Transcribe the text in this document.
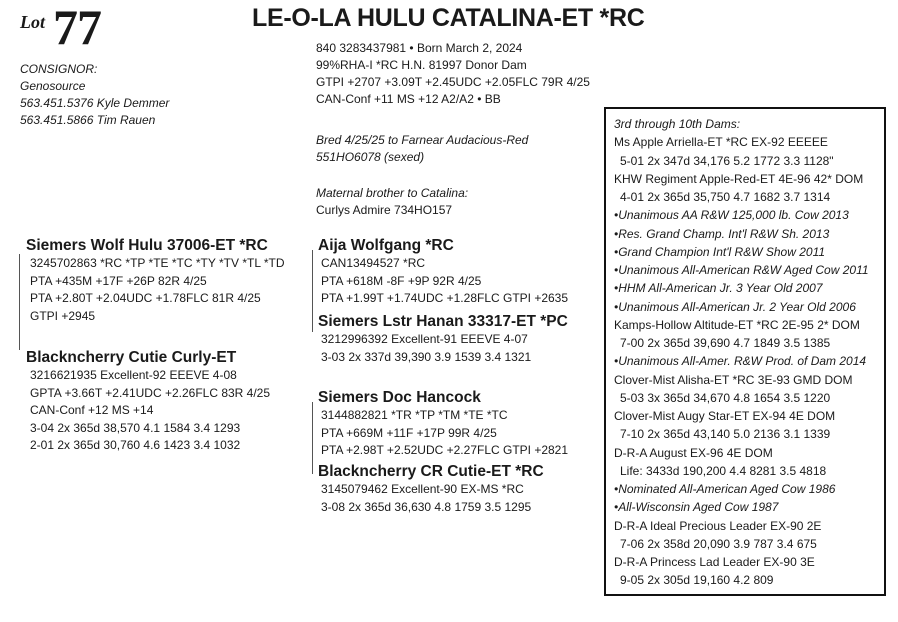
Lot 77	LE-O-LA HULU CATALINA-ET *RC
CONSIGNOR:
Genosource
563.451.5376 Kyle Demmer
563.451.5866 Tim Rauen
840 3283437981 • Born March 2, 2024
99%RHA-I *RC H.N. 81997 Donor Dam
GTPI +2707 +3.09T +2.45UDC +2.05FLC 79R 4/25
CAN-Conf +11 MS +12 A2/A2 • BB
Bred 4/25/25 to Farnear Audacious-Red
551HO6078 (sexed)
Maternal brother to Catalina:
Curlys Admire 734HO157
Siemers Wolf Hulu 37006-ET *RC
3245702863 *RC *TP *TE *TC *TY *TV *TL *TD
PTA +435M +17F +26P 82R 4/25
PTA +2.80T +2.04UDC +1.78FLC 81R 4/25
GTPI +2945
Blackncherry Cutie Curly-ET
3216621935 Excellent-92 EEEVE 4-08
GPTA +3.66T +2.41UDC +2.26FLC 83R 4/25
CAN-Conf +12 MS +14
3-04 2x 365d 38,570 4.1 1584 3.4 1293
2-01 2x 365d 30,760 4.6 1423 3.4 1032
Aija Wolfgang *RC
CAN13494527 *RC
PTA +618M -8F +9P 92R 4/25
PTA +1.99T +1.74UDC +1.28FLC GTPI +2635
Siemers Lstr Hanan 33317-ET *PC
3212996392 Excellent-91 EEEVE 4-07
3-03 2x 337d 39,390 3.9 1539 3.4 1321
Siemers Doc Hancock
3144882821 *TR *TP *TM *TE *TC
PTA +669M +11F +17P 99R 4/25
PTA +2.98T +2.52UDC +2.27FLC GTPI +2821
Blackncherry CR Cutie-ET *RC
3145079462 Excellent-90 EX-MS *RC
3-08 2x 365d 36,630 4.8 1759 3.5 1295
3rd through 10th Dams:
Ms Apple Arriella-ET *RC EX-92 EEEEE
5-01 2x 347d 34,176 5.2 1772 3.3 1128"
KHW Regiment Apple-Red-ET 4E-96 42* DOM
4-01 2x 365d 35,750 4.7 1682 3.7 1314
•Unanimous AA R&W 125,000 lb. Cow 2013
•Res. Grand Champ. Int'l R&W Sh. 2013
•Grand Champion Int'l R&W Show 2011
•Unanimous All-American R&W Aged Cow 2011
•HHM All-American Jr. 3 Year Old 2007
•Unanimous All-American Jr. 2 Year Old 2006
Kamps-Hollow Altitude-ET *RC 2E-95 2* DOM
7-00 2x 365d 39,690 4.7 1849 3.5 1385
•Unanimous All-Amer. R&W Prod. of Dam 2014
Clover-Mist Alisha-ET *RC 3E-93 GMD DOM
5-03 3x 365d 34,670 4.8 1654 3.5 1220
Clover-Mist Augy Star-ET EX-94 4E DOM
7-10 2x 365d 43,140 5.0 2136 3.1 1339
D-R-A August EX-96 4E DOM
Life: 3433d 190,200 4.4 8281 3.5 4818
•Nominated All-American Aged Cow 1986
•All-Wisconsin Aged Cow 1987
D-R-A Ideal Precious Leader EX-90 2E
7-06 2x 358d 20,090 3.9 787 3.4 675
D-R-A Princess Lad Leader EX-90 3E
9-05 2x 305d 19,160 4.2 809
